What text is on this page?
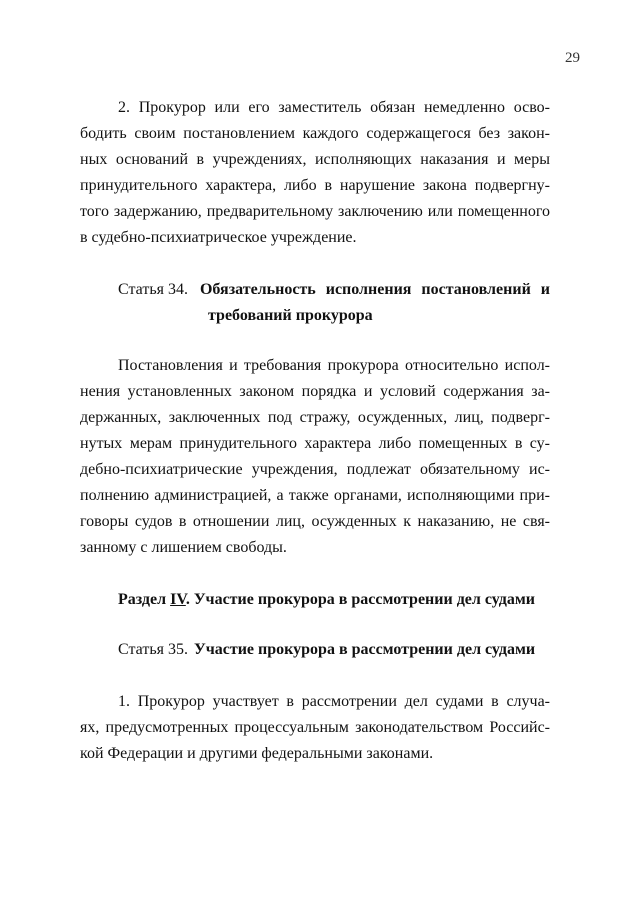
29
2. Прокурор или его заместитель обязан немедленно осво-
бодить своим постановлением каждого содержащегося без закон-
ных оснований в учреждениях, исполняющих наказания и меры
принудительного характера, либо в нарушение закона подвергну-
того задержанию, предварительному заключению или помещенного
в судебно-психиатрическое учреждение.
Статья 34. Обязательность исполнения постановлений и
требований прокурора
Постановления и требования прокурора относительно испол-
нения установленных законом порядка и условий содержания за-
держанных, заключенных под стражу, осужденных, лиц, подверг-
нутых мерам принудительного характера либо помещенных в су-
дебно-психиатрические учреждения, подлежат обязательному ис-
полнению администрацией, а также органами, исполняющими при-
говоры судов в отношении лиц, осужденных к наказанию, не свя-
занному с лишением свободы.
Раздел IV. Участие прокурора в рассмотрении дел судами
Статья 35. Участие прокурора в рассмотрении дел судами
1. Прокурор участвует в рассмотрении дел судами в случа-
ях, предусмотренных процессуальным законодательством Российс-
кой Федерации и другими федеральными законами.
